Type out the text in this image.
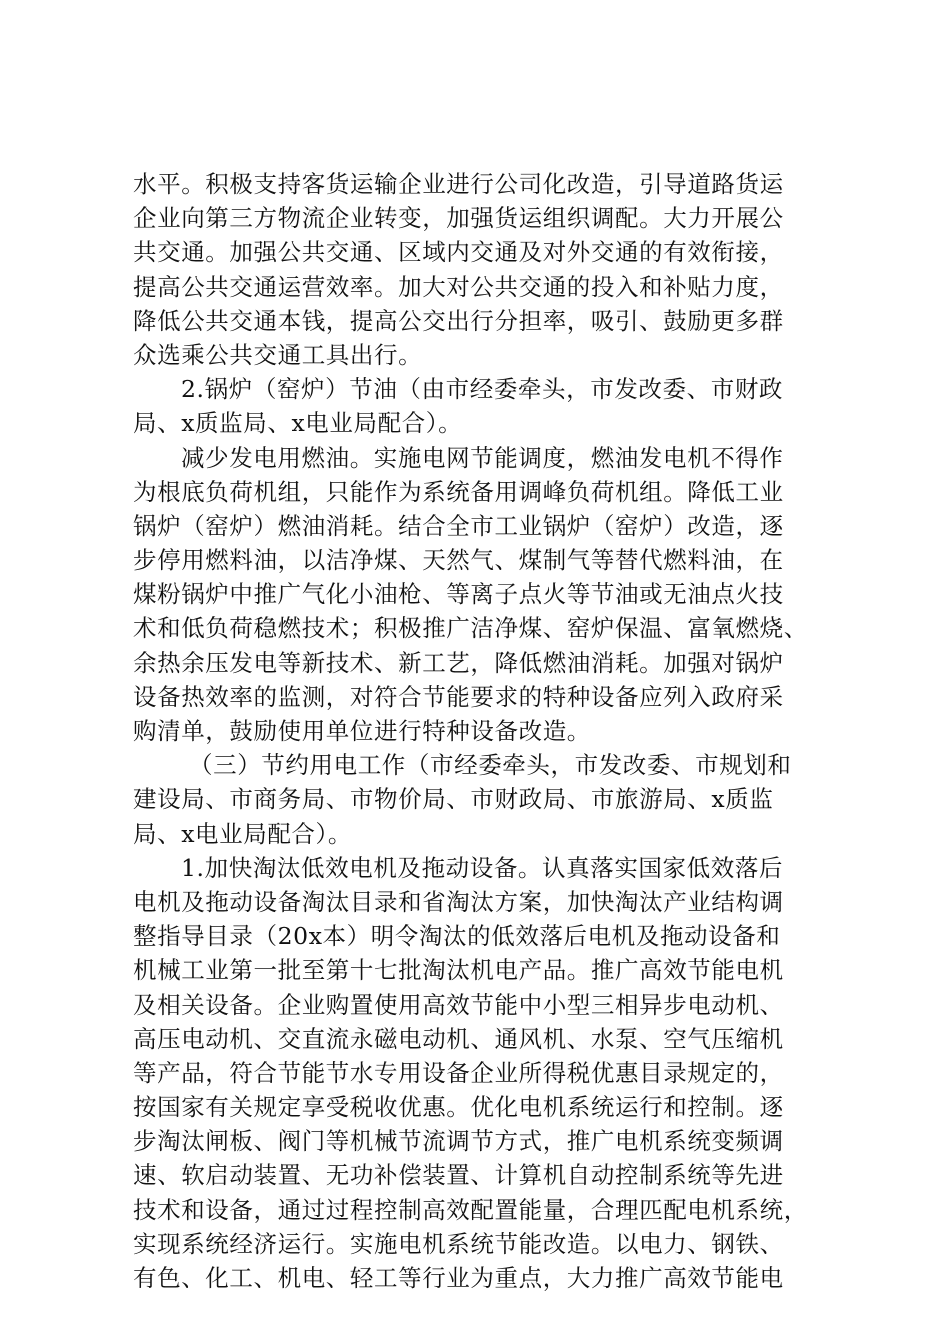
水平。积极支持客货运输企业进行公司化改造，引导道路货运
企业向第三方物流企业转变，加强货运组织调配。大力开展公
共交通。加强公共交通、区域内交通及对外交通的有效衔接，
提高公共交通运营效率。加大对公共交通的投入和补贴力度，
降低公共交通本钱，提高公交出行分担率，吸引、鼓励更多群
众选乘公共交通工具出行。
2.锅炉（窑炉）节油（由市经委牵头，市发改委、市财政
局、x质监局、x电业局配合）。
减少发电用燃油。实施电网节能调度，燃油发电机不得作
为根底负荷机组，只能作为系统备用调峰负荷机组。降低工业
锅炉（窑炉）燃油消耗。结合全市工业锅炉（窑炉）改造，逐
步停用燃料油，以洁净煤、天然气、煤制气等替代燃料油，在
煤粉锅炉中推广气化小油枪、等离子点火等节油或无油点火技
术和低负荷稳燃技术；积极推广洁净煤、窑炉保温、富氧燃烧、
余热余压发电等新技术、新工艺，降低燃油消耗。加强对锅炉
设备热效率的监测，对符合节能要求的特种设备应列入政府采
购清单，鼓励使用单位进行特种设备改造。
（三）节约用电工作（市经委牵头，市发改委、市规划和
建设局、市商务局、市物价局、市财政局、市旅游局、x质监
局、x电业局配合）。
1.加快淘汰低效电机及拖动设备。认真落实国家低效落后
电机及拖动设备淘汰目录和省淘汰方案，加快淘汰产业结构调
整指导目录（20x本）明令淘汰的低效落后电机及拖动设备和
机械工业第一批至第十七批淘汰机电产品。推广高效节能电机
及相关设备。企业购置使用高效节能中小型三相异步电动机、
高压电动机、交直流永磁电动机、通风机、水泵、空气压缩机
等产品，符合节能节水专用设备企业所得税优惠目录规定的，
按国家有关规定享受税收优惠。优化电机系统运行和控制。逐
步淘汰闸板、阀门等机械节流调节方式，推广电机系统变频调
速、软启动装置、无功补偿装置、计算机自动控制系统等先进
技术和设备，通过过程控制高效配置能量，合理匹配电机系统，
实现系统经济运行。实施电机系统节能改造。以电力、钢铁、
有色、化工、机电、轻工等行业为重点，大力推广高效节能电
